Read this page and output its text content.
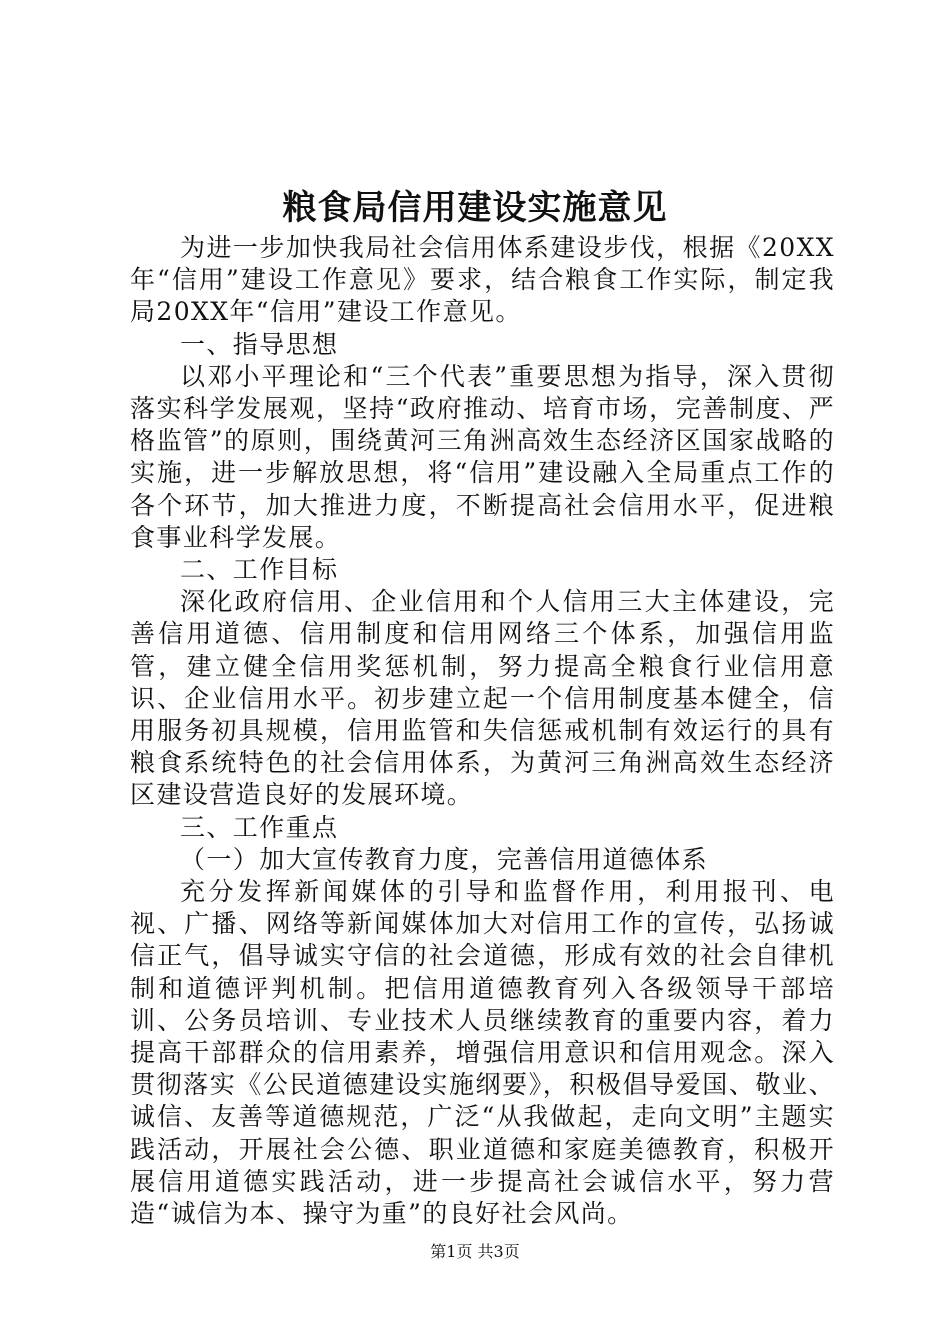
粮食局信用建设实施意见

为进一步加快我局社会信用体系建设步伐，根据《20XX年“信用”建设工作意见》要求，结合粮食工作实际，制定我局20XX年“信用”建设工作意见。

一、指导思想

以邓小平理论和“三个代表”重要思想为指导，深入贯彻落实科学发展观，坚持“政府推动、培育市场，完善制度、严格监管”的原则，围绕黄河三角洲高效生态经济区国家战略的实施，进一步解放思想，将“信用”建设融入全局重点工作的各个环节，加大推进力度，不断提高社会信用水平，促进粮食事业科学发展。

二、工作目标

深化政府信用、企业信用和个人信用三大主体建设，完善信用道德、信用制度和信用网络三个体系，加强信用监管，建立健全信用奖惩机制，努力提高全粮食行业信用意识、企业信用水平。初步建立起一个信用制度基本健全，信用服务初具规模，信用监管和失信惩戒机制有效运行的具有粮食系统特色的社会信用体系，为黄河三角洲高效生态经济区建设营造良好的发展环境。

三、工作重点

（一）加大宣传教育力度，完善信用道德体系

充分发挥新闻媒体的引导和监督作用，利用报刊、电视、广播、网络等新闻媒体加大对信用工作的宣传，弘扬诚信正气，倡导诚实守信的社会道德，形成有效的社会自律机制和道德评判机制。把信用道德教育列入各级领导干部培训、公务员培训、专业技术人员继续教育的重要内容，着力提高干部群众的信用素养，增强信用意识和信用观念。深入贯彻落实《公民道德建设实施纲要》，积极倡导爱国、敬业、诚信、友善等道德规范，广泛“从我做起，走向文明”主题实践活动，开展社会公德、职业道德和家庭美德教育，积极开展信用道德实践活动，进一步提高社会诚信水平，努力营造“诚信为本、操守为重”的良好社会风尚。

第1页 共3页
